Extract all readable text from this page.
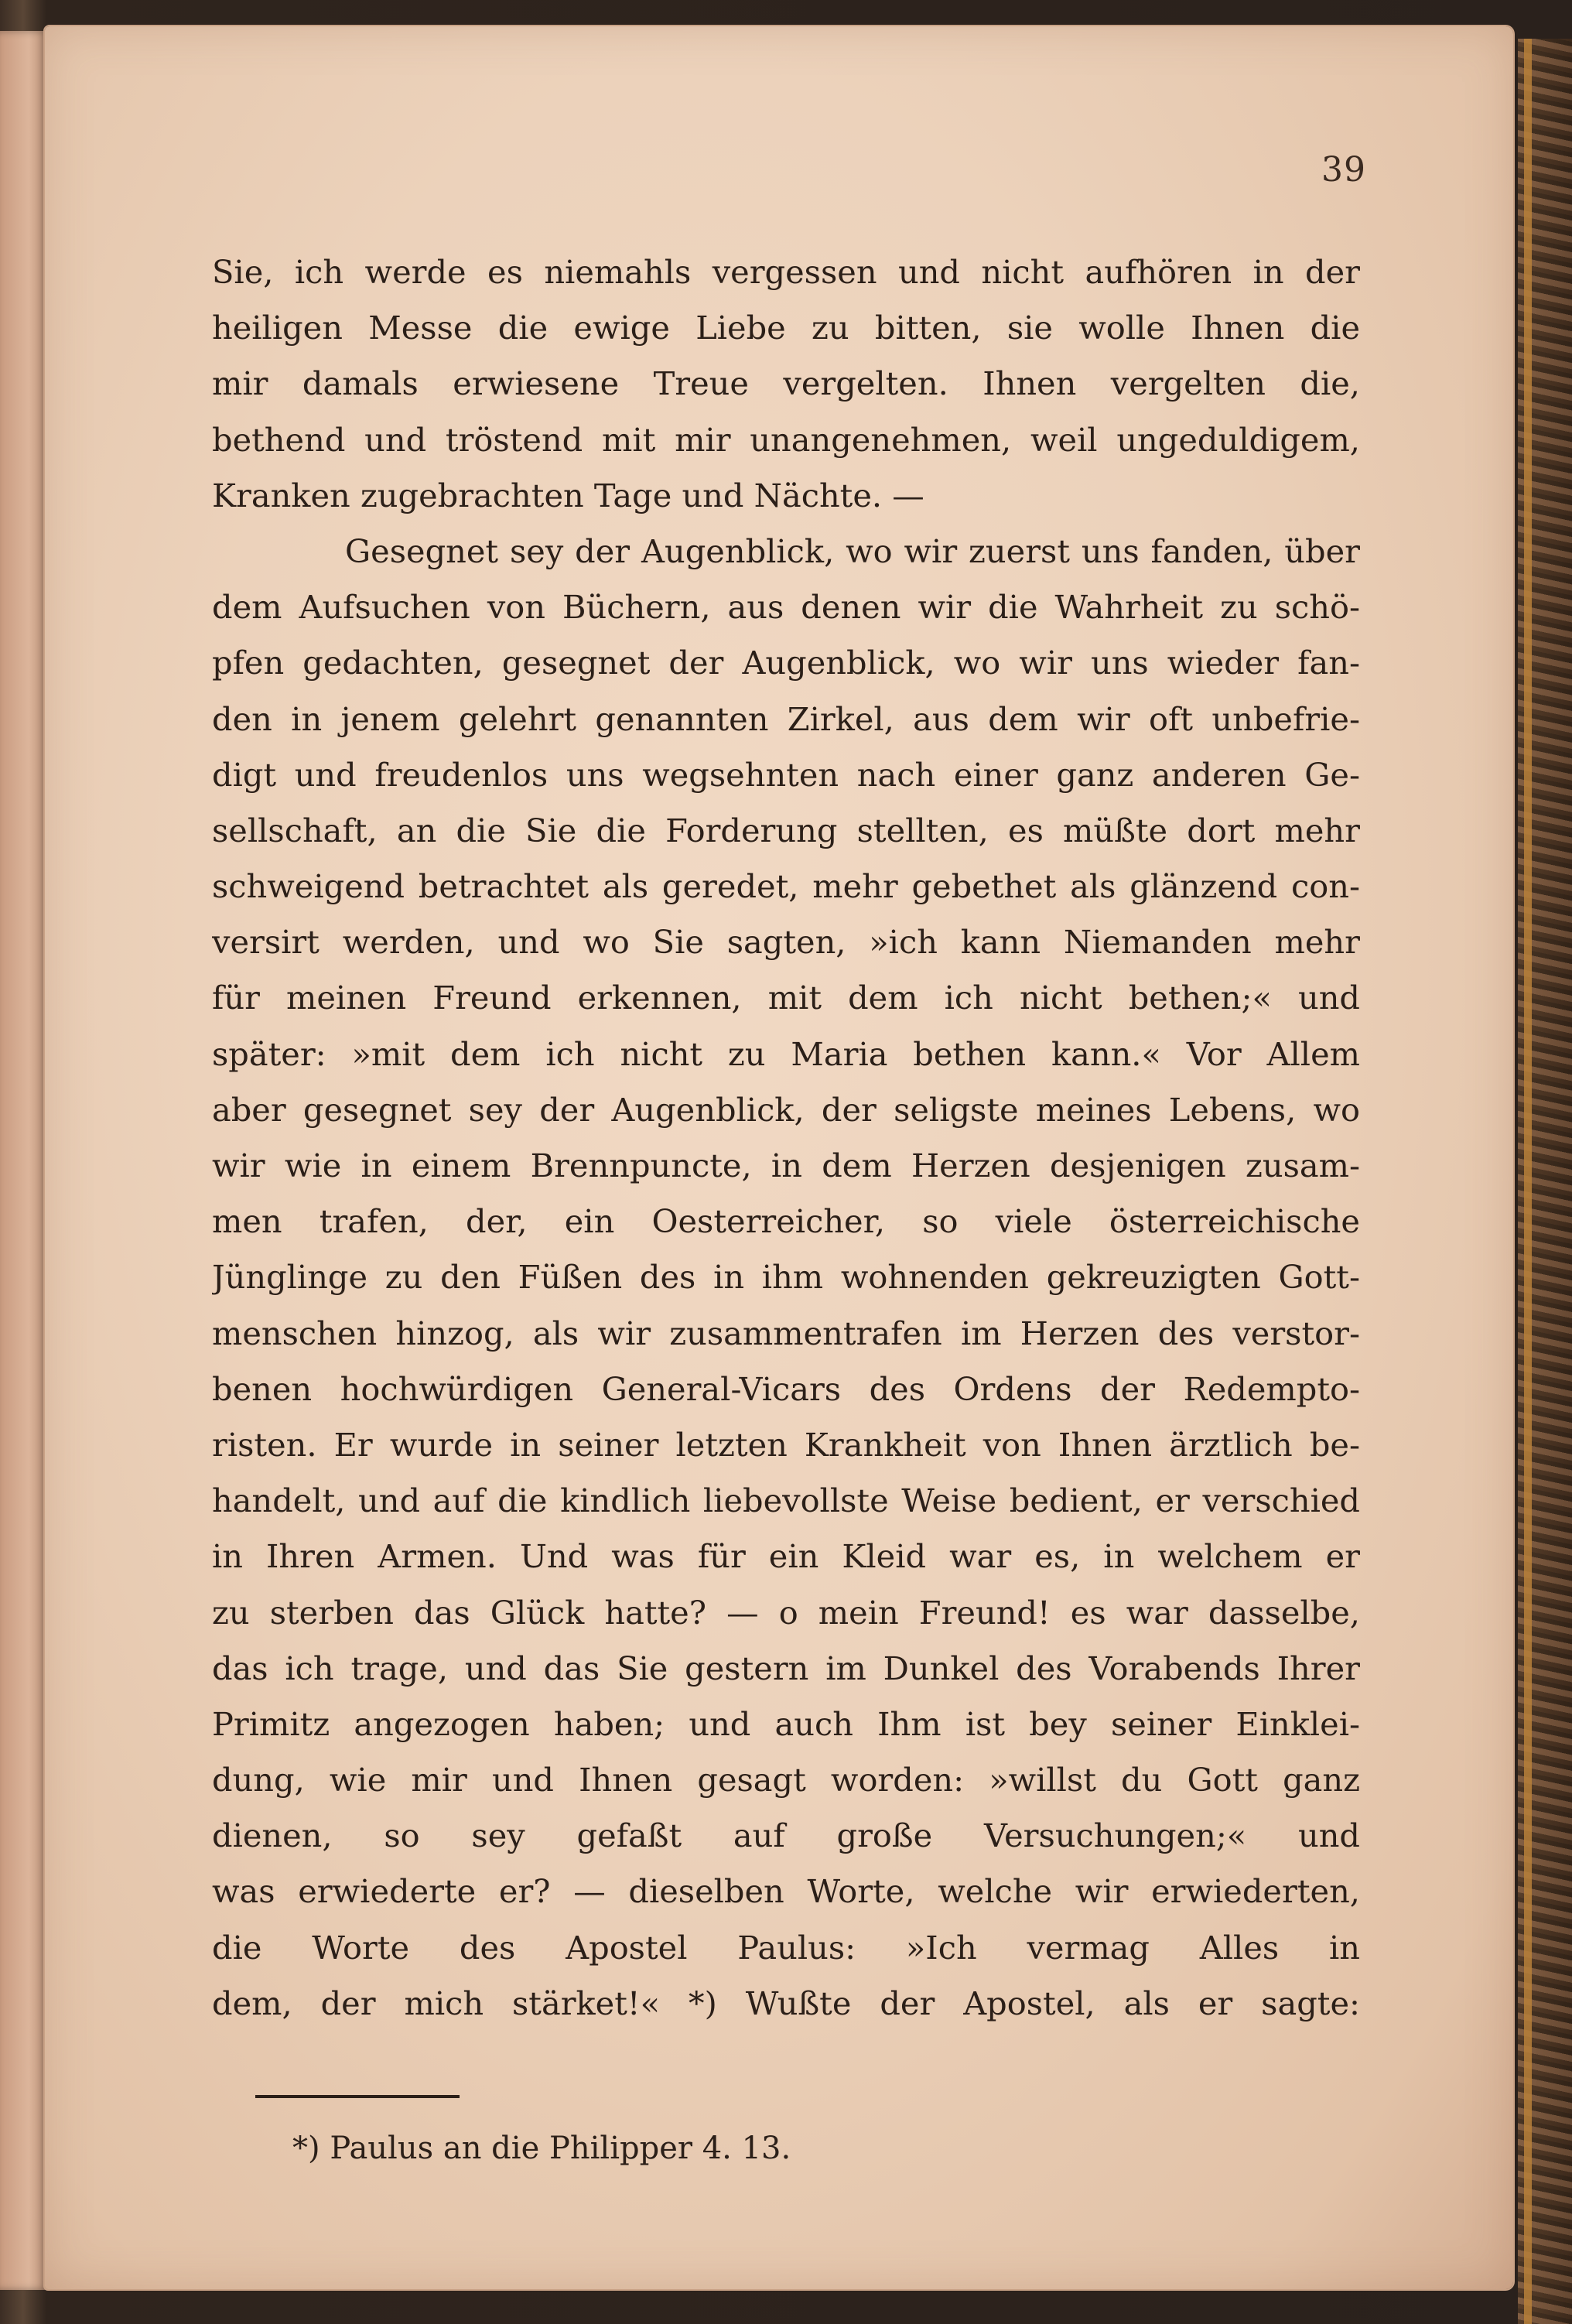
39

Sie, ich werde es niemahls vergessen und nicht aufhören in der
heiligen Messe die ewige Liebe zu bitten, sie wolle Ihnen die
mir damals erwiesene Treue vergelten. Ihnen vergelten die,
bethend und tröstend mit mir unangenehmen, weil ungeduldigem,
Kranken zugebrachten Tage und Nächte. —
Gesegnet sey der Augenblick, wo wir zuerst uns fanden, über
dem Aufsuchen von Büchern, aus denen wir die Wahrheit zu schö-
pfen gedachten, gesegnet der Augenblick, wo wir uns wieder fan-
den in jenem gelehrt genannten Zirkel, aus dem wir oft unbefrie-
digt und freudenlos uns wegsehnten nach einer ganz anderen Ge-
sellschaft, an die Sie die Forderung stellten, es müßte dort mehr
schweigend betrachtet als geredet, mehr gebethet als glänzend con-
versirt werden, und wo Sie sagten, »ich kann Niemanden mehr
für meinen Freund erkennen, mit dem ich nicht bethen;« und
später: »mit dem ich nicht zu Maria bethen kann.« Vor Allem
aber gesegnet sey der Augenblick, der seligste meines Lebens, wo
wir wie in einem Brennpuncte, in dem Herzen desjenigen zusam-
men trafen, der, ein Oesterreicher, so viele österreichische
Jünglinge zu den Füßen des in ihm wohnenden gekreuzigten Gott-
menschen hinzog, als wir zusammentrafen im Herzen des verstor-
benen hochwürdigen General-Vicars des Ordens der Redempto-
risten. Er wurde in seiner letzten Krankheit von Ihnen ärztlich be-
handelt, und auf die kindlich liebevollste Weise bedient, er verschied
in Ihren Armen. Und was für ein Kleid war es, in welchem er
zu sterben das Glück hatte? — o mein Freund! es war dasselbe,
das ich trage, und das Sie gestern im Dunkel des Vorabends Ihrer
Primitz angezogen haben; und auch Ihm ist bey seiner Einklei-
dung, wie mir und Ihnen gesagt worden: »willst du Gott ganz
dienen, so sey gefaßt auf große Versuchungen;« und
was erwiederte er? — dieselben Worte, welche wir erwiederten,
die Worte des Apostel Paulus: »Ich vermag Alles in
dem, der mich stärket!« *) Wußte der Apostel, als er sagte:

*) Paulus an die Philipper 4. 13.
